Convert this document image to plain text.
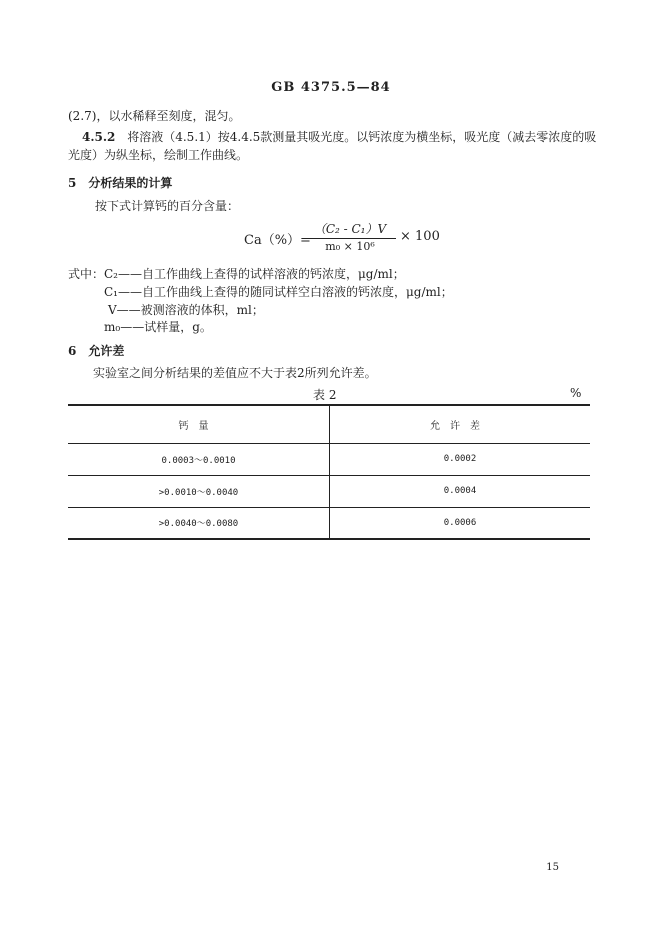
GB 4375.5—84
(2.7)，以水稀释至刻度，混匀。
4.5.2 将溶液（4.5.1）按4.4.5款测量其吸光度。以钙浓度为横坐标，吸光度（减去零浓度的吸
光度）为纵坐标，绘制工作曲线。
5　分析结果的计算
按下式计算钙的百分含量：
Ca（%）=
（C₂ - C₁）V
m₀ × 10⁶
× 100
式中：C₂——自工作曲线上查得的试样溶液的钙浓度，μg/ml；
C₁——自工作曲线上查得的随同试样空白溶液的钙浓度，μg/ml；
V——被测溶液的体积，ml；
m₀——试样量，g。
6　允许差
实验室之间分析结果的差值应不大于表2所列允许差。
表 2	%
钙量	允许差
0.0003～0.0010	0.0002
>0.0010～0.0040	0.0004
>0.0040～0.0080	0.0006
15
